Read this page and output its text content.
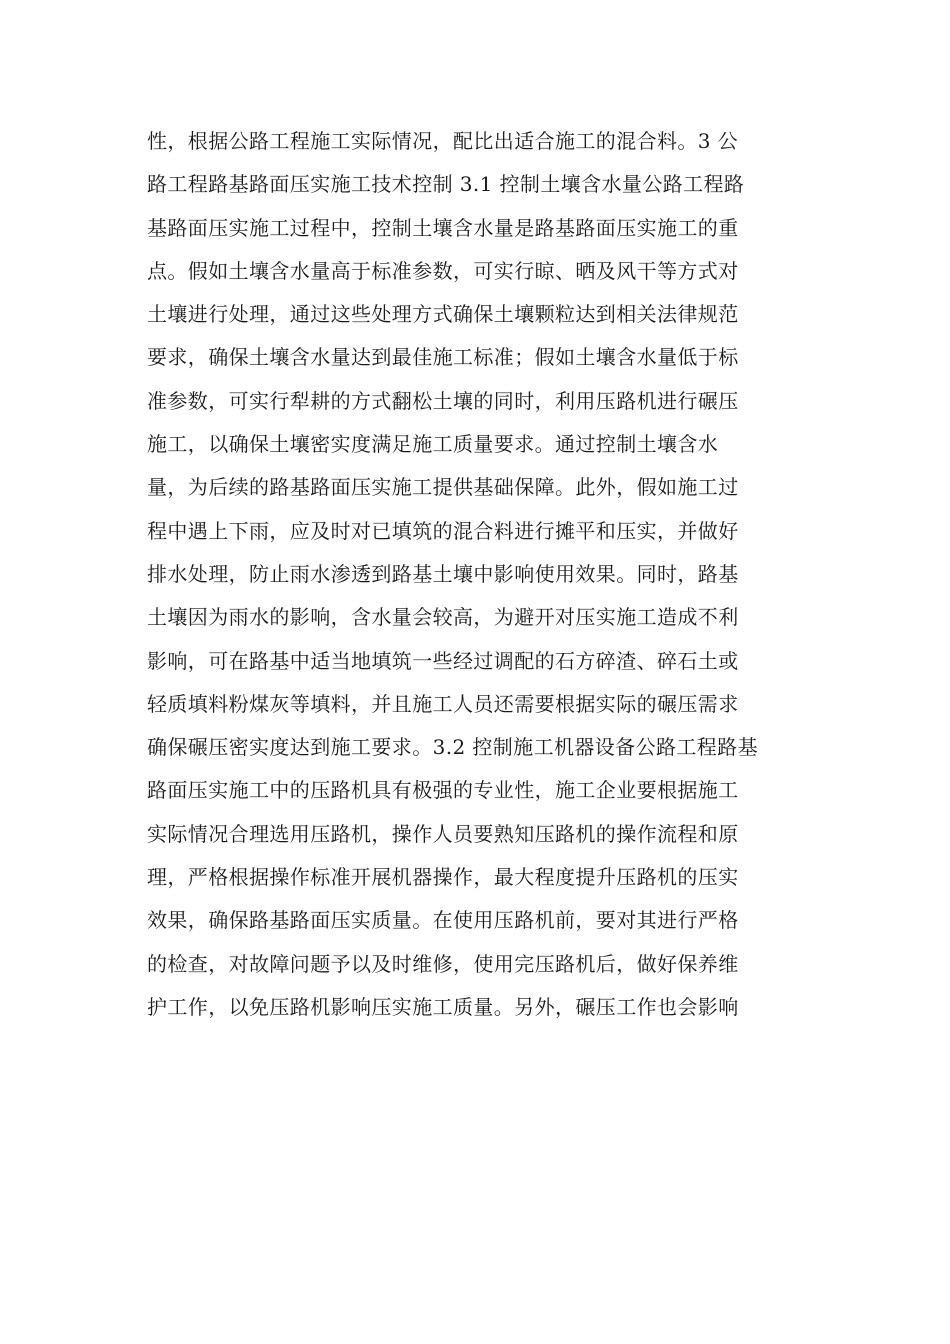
性，根据公路工程施工实际情况，配比出适合施工的混合料。3 公
路工程路基路面压实施工技术控制 3.1 控制土壤含水量公路工程路
基路面压实施工过程中，控制土壤含水量是路基路面压实施工的重
点。假如土壤含水量高于标准参数，可实行晾、晒及风干等方式对
土壤进行处理，通过这些处理方式确保土壤颗粒达到相关法律规范
要求，确保土壤含水量达到最佳施工标准；假如土壤含水量低于标
准参数，可实行犁耕的方式翻松土壤的同时，利用压路机进行碾压
施工，以确保土壤密实度满足施工质量要求。通过控制土壤含水
量，为后续的路基路面压实施工提供基础保障。此外，假如施工过
程中遇上下雨，应及时对已填筑的混合料进行摊平和压实，并做好
排水处理，防止雨水渗透到路基土壤中影响使用效果。同时，路基
土壤因为雨水的影响，含水量会较高，为避开对压实施工造成不利
影响，可在路基中适当地填筑一些经过调配的石方碎渣、碎石土或
轻质填料粉煤灰等填料，并且施工人员还需要根据实际的碾压需求
确保碾压密实度达到施工要求。3.2 控制施工机器设备公路工程路基
路面压实施工中的压路机具有极强的专业性，施工企业要根据施工
实际情况合理选用压路机，操作人员要熟知压路机的操作流程和原
理，严格根据操作标准开展机器操作，最大程度提升压路机的压实
效果，确保路基路面压实质量。在使用压路机前，要对其进行严格
的检查，对故障问题予以及时维修，使用完压路机后，做好保养维
护工作，以免压路机影响压实施工质量。另外，碾压工作也会影响
